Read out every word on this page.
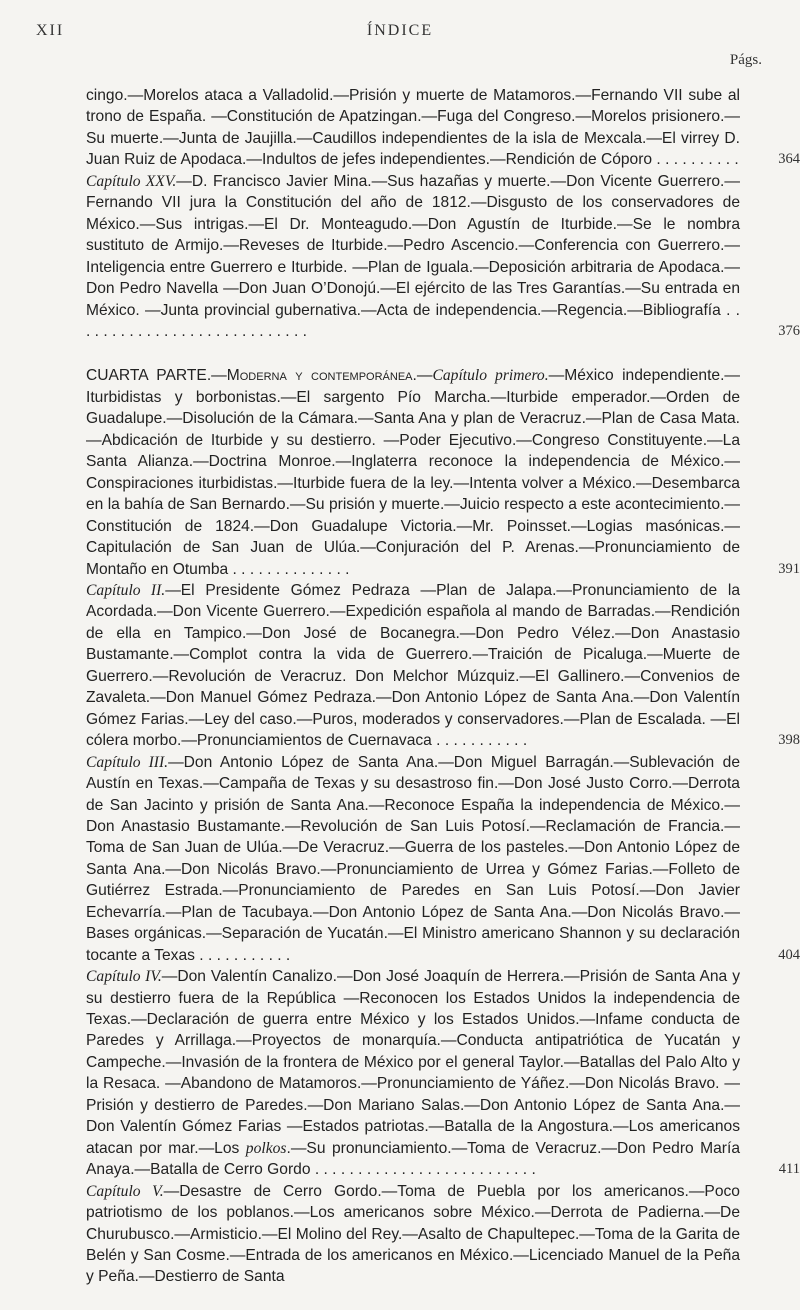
XII	ÍNDICE
Págs.
cingo.—Morelos ataca a Valladolid.—Prisión y muerte de Matamoros.—Fernando VII sube al trono de España. —Constitución de Apatzingan.—Fuga del Congreso.—Morelos prisionero.—Su muerte.—Junta de Jaujilla.—Caudillos independientes de la isla de Mexcala.—El virrey D. Juan Ruiz de Apodaca.—Indultos de jefes independientes.—Rendición de Cóporo . . . . . . . . . .	364
Capítulo XXV.—D. Francisco Javier Mina.—Sus hazañas y muerte.—Don Vicente Guerrero.—Fernando VII jura la Constitución del año de 1812.—Disgusto de los conservadores de México.—Sus intrigas.—El Dr. Monteagudo.—Don Agustín de Iturbide.—Se le nombra sustituto de Armijo.—Reveses de Iturbide.—Pedro Ascencio.—Conferencia con Guerrero.—Inteligencia entre Guerrero e Iturbide. —Plan de Iguala.—Deposición arbitraria de Apodaca.—Don Pedro Navella —Don Juan O’Donojú.—El ejército de las Tres Garantías.—Su entrada en México. —Junta provincial gubernativa.—Acta de independencia.—Regencia.—Bibliografía . . . . . . . . . . . . . . . . . . . . . . . . . . . .	376
CUARTA PARTE.—Moderna y contemporánea.—Capítulo primero.—México independiente.—Iturbidistas y borbonistas.—El sargento Pío Marcha.—Iturbide emperador.—Orden de Guadalupe.—Disolución de la Cámara.—Santa Ana y plan de Veracruz.—Plan de Casa Mata.—Abdicación de Iturbide y su destierro. —Poder Ejecutivo.—Congreso Constituyente.—La Santa Alianza.—Doctrina Monroe.—Inglaterra reconoce la independencia de México.—Conspiraciones iturbidistas.—Iturbide fuera de la ley.—Intenta volver a México.—Desembarca en la bahía de San Bernardo.—Su prisión y muerte.—Juicio respecto a este acontecimiento.—Constitución de 1824.—Don Guadalupe Victoria.—Mr. Poinsset.—Logias masónicas.—Capitulación de San Juan de Ulúa.—Conjuración del P. Arenas.—Pronunciamiento de Montaño en Otumba . . . . . . . . . . . . . .	391
Capítulo II.—El Presidente Gómez Pedraza —Plan de Jalapa.—Pronunciamiento de la Acordada.—Don Vicente Guerrero.—Expedición española al mando de Barradas.—Rendición de ella en Tampico.—Don José de Bocanegra.—Don Pedro Vélez.—Don Anastasio Bustamante.—Complot contra la vida de Guerrero.—Traición de Picaluga.—Muerte de Guerrero.—Revolución de Veracruz. Don Melchor Múzquiz.—El Gallinero.—Convenios de Zavaleta.—Don Manuel Gómez Pedraza.—Don Antonio López de Santa Ana.—Don Valentín Gómez Farias.—Ley del caso.—Puros, moderados y conservadores.—Plan de Escalada. —El cólera morbo.—Pronunciamientos de Cuernavaca . . . . . . . . . . .	398
Capítulo III.—Don Antonio López de Santa Ana.—Don Miguel Barragán.—Sublevación de Austín en Texas.—Campaña de Texas y su desastroso fin.—Don José Justo Corro.—Derrota de San Jacinto y prisión de Santa Ana.—Reconoce España la independencia de México.—Don Anastasio Bustamante.—Revolución de San Luis Potosí.—Reclamación de Francia.—Toma de San Juan de Ulúa.—De Veracruz.—Guerra de los pasteles.—Don Antonio López de Santa Ana.—Don Nicolás Bravo.—Pronunciamiento de Urrea y Gómez Farias.—Folleto de Gutiérrez Estrada.—Pronunciamiento de Paredes en San Luis Potosí.—Don Javier Echevarría.—Plan de Tacubaya.—Don Antonio López de Santa Ana.—Don Nicolás Bravo.—Bases orgánicas.—Separación de Yucatán.—El Ministro americano Shannon y su declaración tocante a Texas . . . . . . . . . . .	404
Capítulo IV.—Don Valentín Canalizo.—Don José Joaquín de Herrera.—Prisión de Santa Ana y su destierro fuera de la República —Reconocen los Estados Unidos la independencia de Texas.—Declaración de guerra entre México y los Estados Unidos.—Infame conducta de Paredes y Arrillaga.—Proyectos de monarquía.—Conducta antipatriótica de Yucatán y Campeche.—Invasión de la frontera de México por el general Taylor.—Batallas del Palo Alto y la Resaca. —Abandono de Matamoros.—Pronunciamiento de Yáñez.—Don Nicolás Bravo. —Prisión y destierro de Paredes.—Don Mariano Salas.—Don Antonio López de Santa Ana.—Don Valentín Gómez Farias —Estados patriotas.—Batalla de la Angostura.—Los americanos atacan por mar.—Los polkos.—Su pronunciamiento.—Toma de Veracruz.—Don Pedro María Anaya.—Batalla de Cerro Gordo . . . . . . . . . . . . . . . . . . . . . . . . . .	411
Capítulo V.—Desastre de Cerro Gordo.—Toma de Puebla por los americanos.—Poco patriotismo de los poblanos.—Los americanos sobre México.—Derrota de Padierna.—De Churubusco.—Armisticio.—El Molino del Rey.—Asalto de Chapultepec.—Toma de la Garita de Belén y San Cosme.—Entrada de los americanos en México.—Licenciado Manuel de la Peña y Peña.—Destierro de Santa
